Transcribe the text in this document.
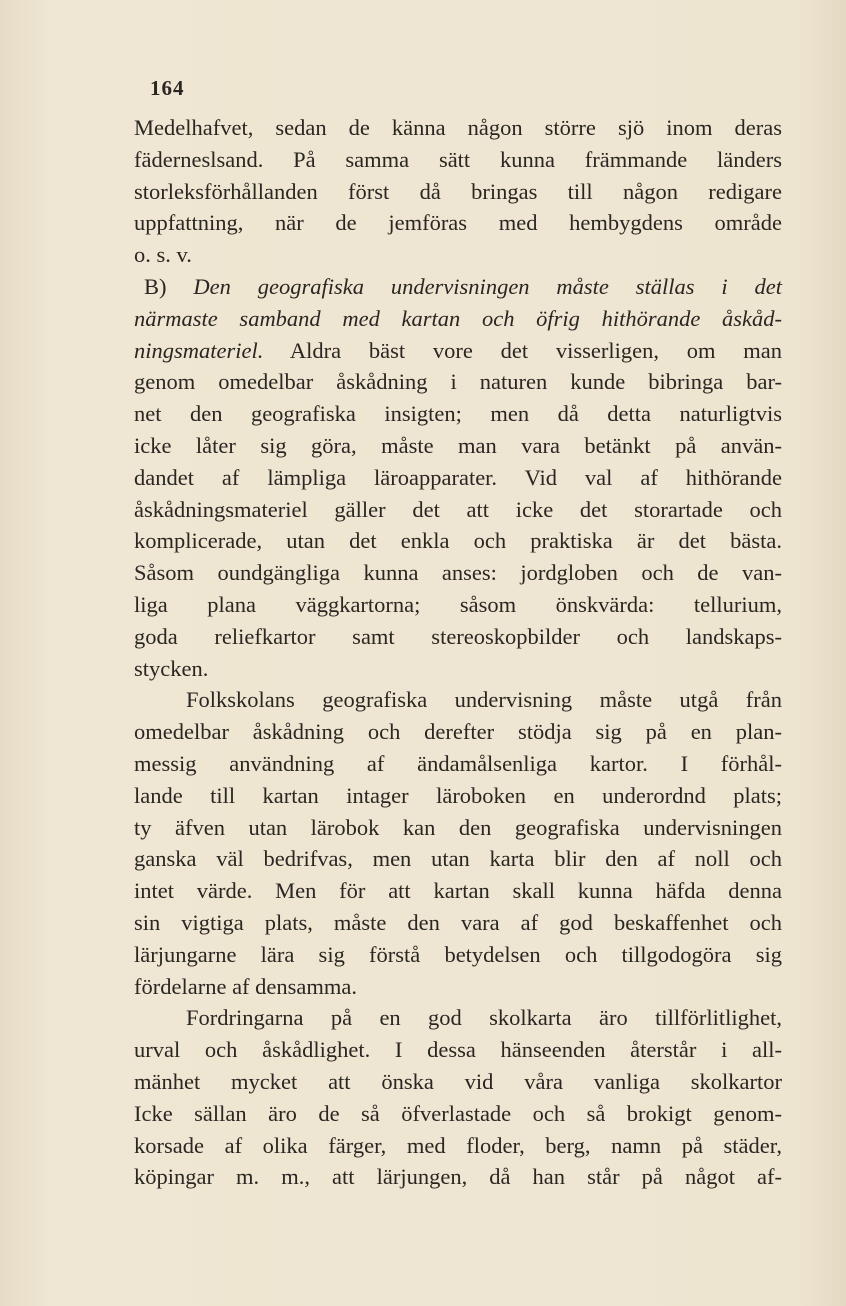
164
Medelhafvet, sedan de känna någon större sjö inom deras
fäderneslsand. På samma sätt kunna främmande länders
storleksförhållanden först då bringas till någon redigare
uppfattning, när de jemföras med hembygdens område
o. s. v.
B) Den geografiska undervisningen måste ställas i det
närmaste samband med kartan och öfrig hithörande åskåd-
ningsmateriel. Aldra bäst vore det visserligen, om man
genom omedelbar åskådning i naturen kunde bibringa bar-
net den geografiska insigten; men då detta naturligtvis
icke låter sig göra, måste man vara betänkt på använ-
dandet af lämpliga läroapparater. Vid val af hithörande
åskådningsmateriel gäller det att icke det storartade och
komplicerade, utan det enkla och praktiska är det bästa.
Såsom oundgängliga kunna anses: jordgloben och de van-
liga plana väggkartorna; såsom önskvärda: tellurium,
goda reliefkartor samt stereoskopbilder och landskaps-
stycken.
Folkskolans geografiska undervisning måste utgå från
omedelbar åskådning och derefter stödja sig på en plan-
messig användning af ändamålsenliga kartor. I förhål-
lande till kartan intager läroboken en underordnd plats;
ty äfven utan lärobok kan den geografiska undervisningen
ganska väl bedrifvas, men utan karta blir den af noll och
intet värde. Men för att kartan skall kunna häfda denna
sin vigtiga plats, måste den vara af god beskaffenhet och
lärjungarne lära sig förstå betydelsen och tillgodogöra sig
fördelarne af densamma.
Fordringarna på en god skolkarta äro tillförlitlighet,
urval och åskådlighet. I dessa hänseenden återstår i all-
mänhet mycket att önska vid våra vanliga skolkartor
Icke sällan äro de så öfverlastade och så brokigt genom-
korsade af olika färger, med floder, berg, namn på städer,
köpingar m. m., att lärjungen, då han står på något af-
